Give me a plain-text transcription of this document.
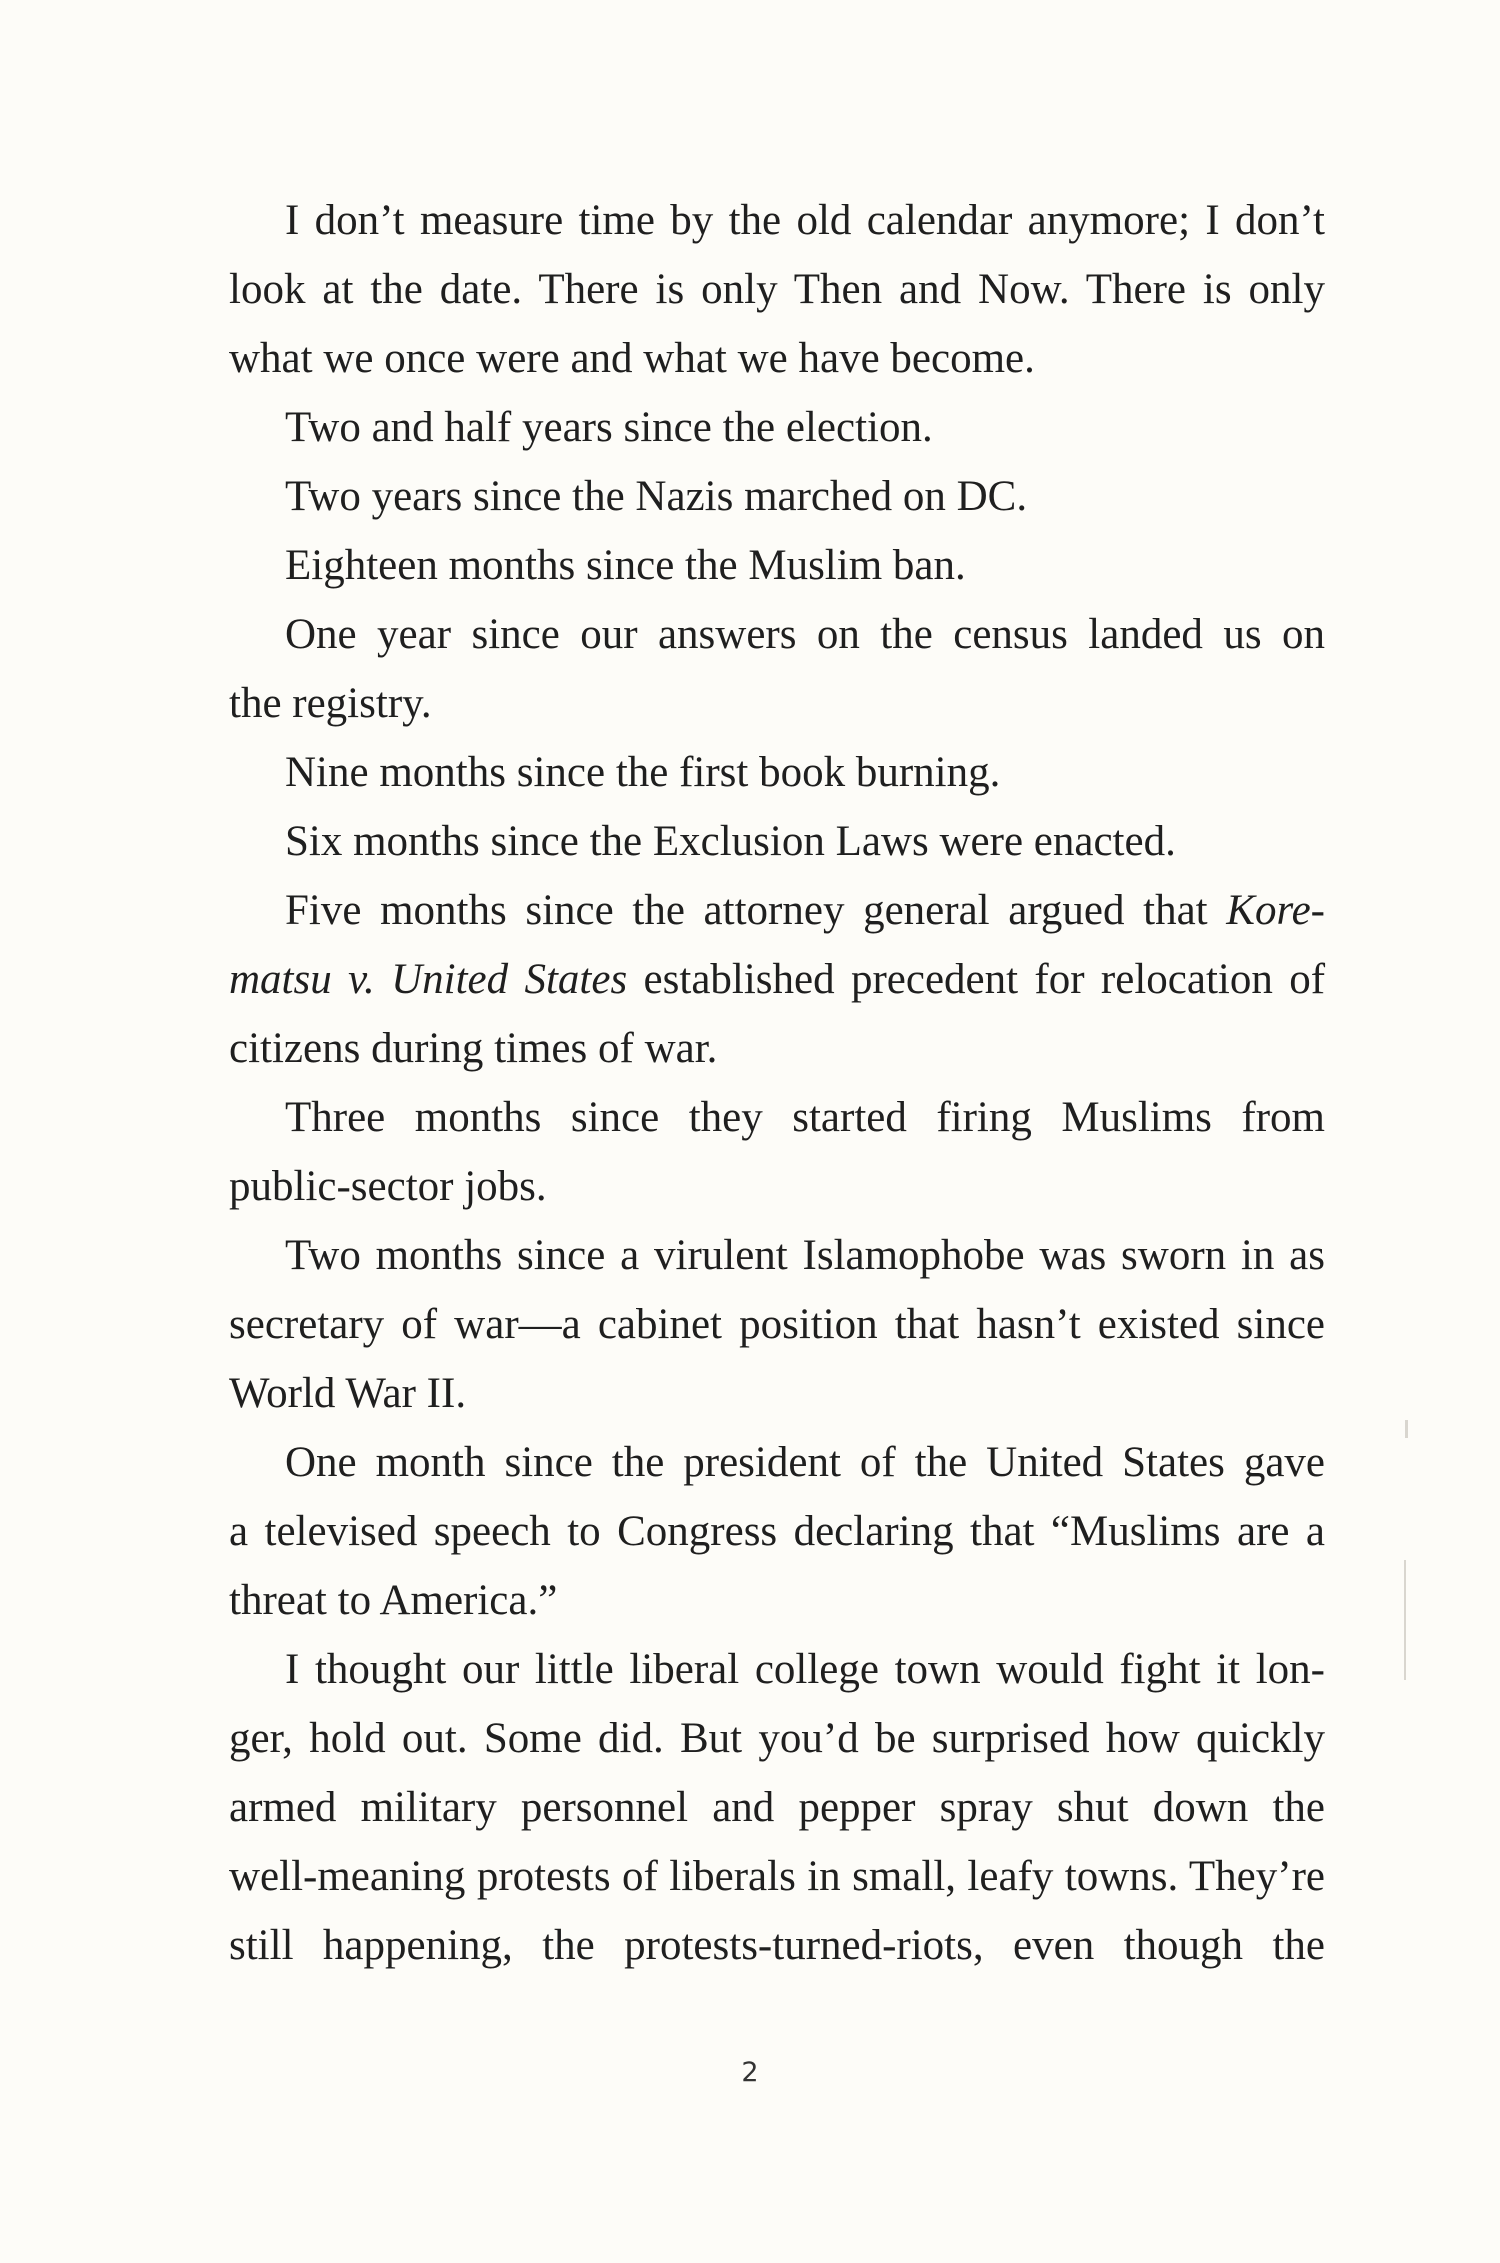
I don’t measure time by the old calendar anymore; I don’t
look at the date. There is only Then and Now. There is only
what we once were and what we have become.
Two and half years since the election.
Two years since the Nazis marched on DC.
Eighteen months since the Muslim ban.
One year since our answers on the census landed us on
the registry.
Nine months since the first book burning.
Six months since the Exclusion Laws were enacted.
Five months since the attorney general argued that Kore-
matsu v. United States established precedent for relocation of
citizens during times of war.
Three months since they started firing Muslims from
public-sector jobs.
Two months since a virulent Islamophobe was sworn in as
secretary of war—a cabinet position that hasn’t existed since
World War II.
One month since the president of the United States gave
a televised speech to Congress declaring that “Muslims are a
threat to America.”
I thought our little liberal college town would fight it lon-
ger, hold out. Some did. But you’d be surprised how quickly
armed military personnel and pepper spray shut down the
well-meaning protests of liberals in small, leafy towns. They’re
still happening, the protests-turned-riots, even though the
2
